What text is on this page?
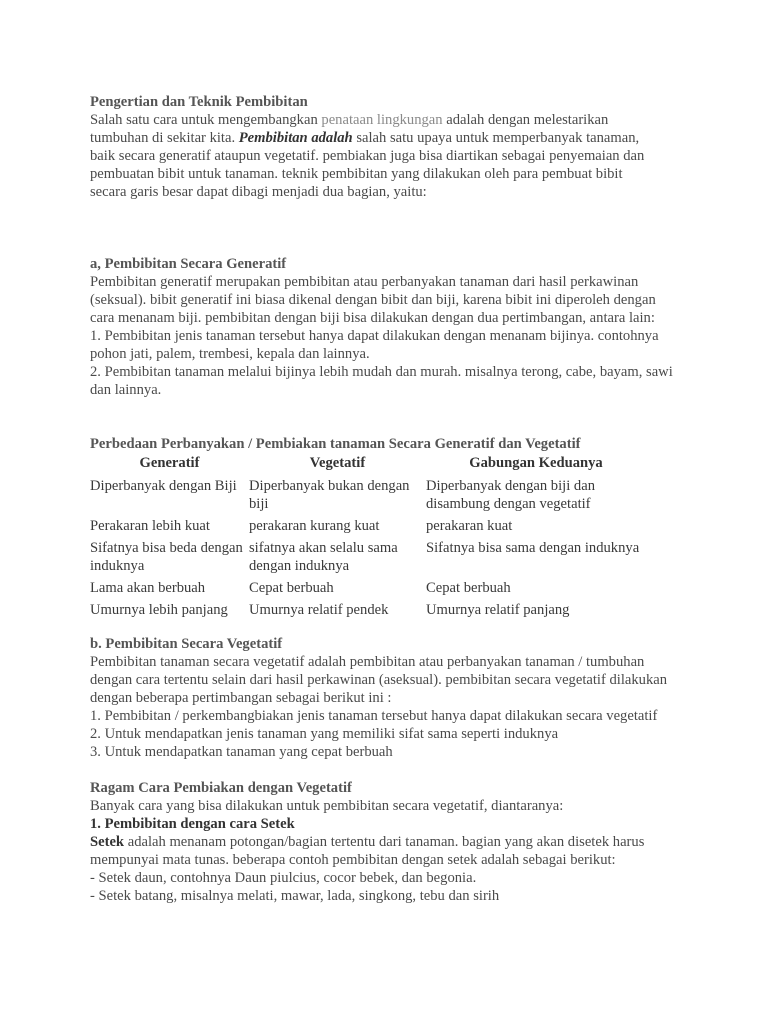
Pengertian dan Teknik Pembibitan

Salah satu cara untuk mengembangkan penataan lingkungan adalah dengan melestarikan tumbuhan di sekitar kita. Pembibitan adalah salah satu upaya untuk memperbanyak tanaman, baik secara generatif ataupun vegetatif. pembiakan juga bisa diartikan sebagai penyemaian dan pembuatan bibit untuk tanaman. teknik pembibitan yang dilakukan oleh para pembuat bibit secara garis besar dapat dibagi menjadi dua bagian, yaitu:

a, Pembibitan Secara Generatif

Pembibitan generatif merupakan pembibitan atau perbanyakan tanaman dari hasil perkawinan (seksual). bibit generatif ini biasa dikenal dengan bibit dan biji, karena bibit ini diperoleh dengan cara menanam biji. pembibitan dengan biji bisa dilakukan dengan dua pertimbangan, antara lain:

1. Pembibitan jenis tanaman tersebut hanya dapat dilakukan dengan menanam bijinya. contohnya pohon jati, palem, trembesi, kepala dan lainnya.

2. Pembibitan tanaman melalui bijinya lebih mudah dan murah. misalnya terong, cabe, bayam, sawi dan lainnya.

Perbedaan Perbanyakan / Pembiakan tanaman Secara Generatif dan Vegetatif

Generatif	Vegetatif	Gabungan Keduanya
Diperbanyak dengan Biji	Diperbanyak bukan dengan biji	Diperbanyak dengan biji dan disambung dengan vegetatif
Perakaran lebih kuat	perakaran kurang kuat	perakaran kuat
Sifatnya bisa beda dengan induknya	sifatnya akan selalu sama dengan induknya	Sifatnya bisa sama dengan induknya
Lama akan berbuah	Cepat berbuah	Cepat berbuah
Umurnya lebih panjang	Umurnya relatif pendek	Umurnya relatif panjang

b. Pembibitan Secara Vegetatif

Pembibitan tanaman secara vegetatif adalah pembibitan atau perbanyakan tanaman / tumbuhan dengan cara tertentu selain dari hasil perkawinan (aseksual). pembibitan secara vegetatif dilakukan dengan beberapa pertimbangan sebagai berikut ini :

1. Pembibitan / perkembangbiakan jenis tanaman tersebut hanya dapat dilakukan secara vegetatif

2. Untuk mendapatkan jenis tanaman yang memiliki sifat sama seperti induknya

3. Untuk mendapatkan tanaman yang cepat berbuah

Ragam Cara Pembiakan dengan Vegetatif

Banyak cara yang bisa dilakukan untuk pembibitan secara vegetatif, diantaranya:

1. Pembibitan dengan cara Setek

Setek adalah menanam potongan/bagian tertentu dari tanaman. bagian yang akan disetek harus mempunyai mata tunas. beberapa contoh pembibitan dengan setek adalah sebagai berikut:

- Setek daun, contohnya Daun piulcius, cocor bebek, dan begonia.

- Setek batang, misalnya melati, mawar, lada, singkong, tebu dan sirih
